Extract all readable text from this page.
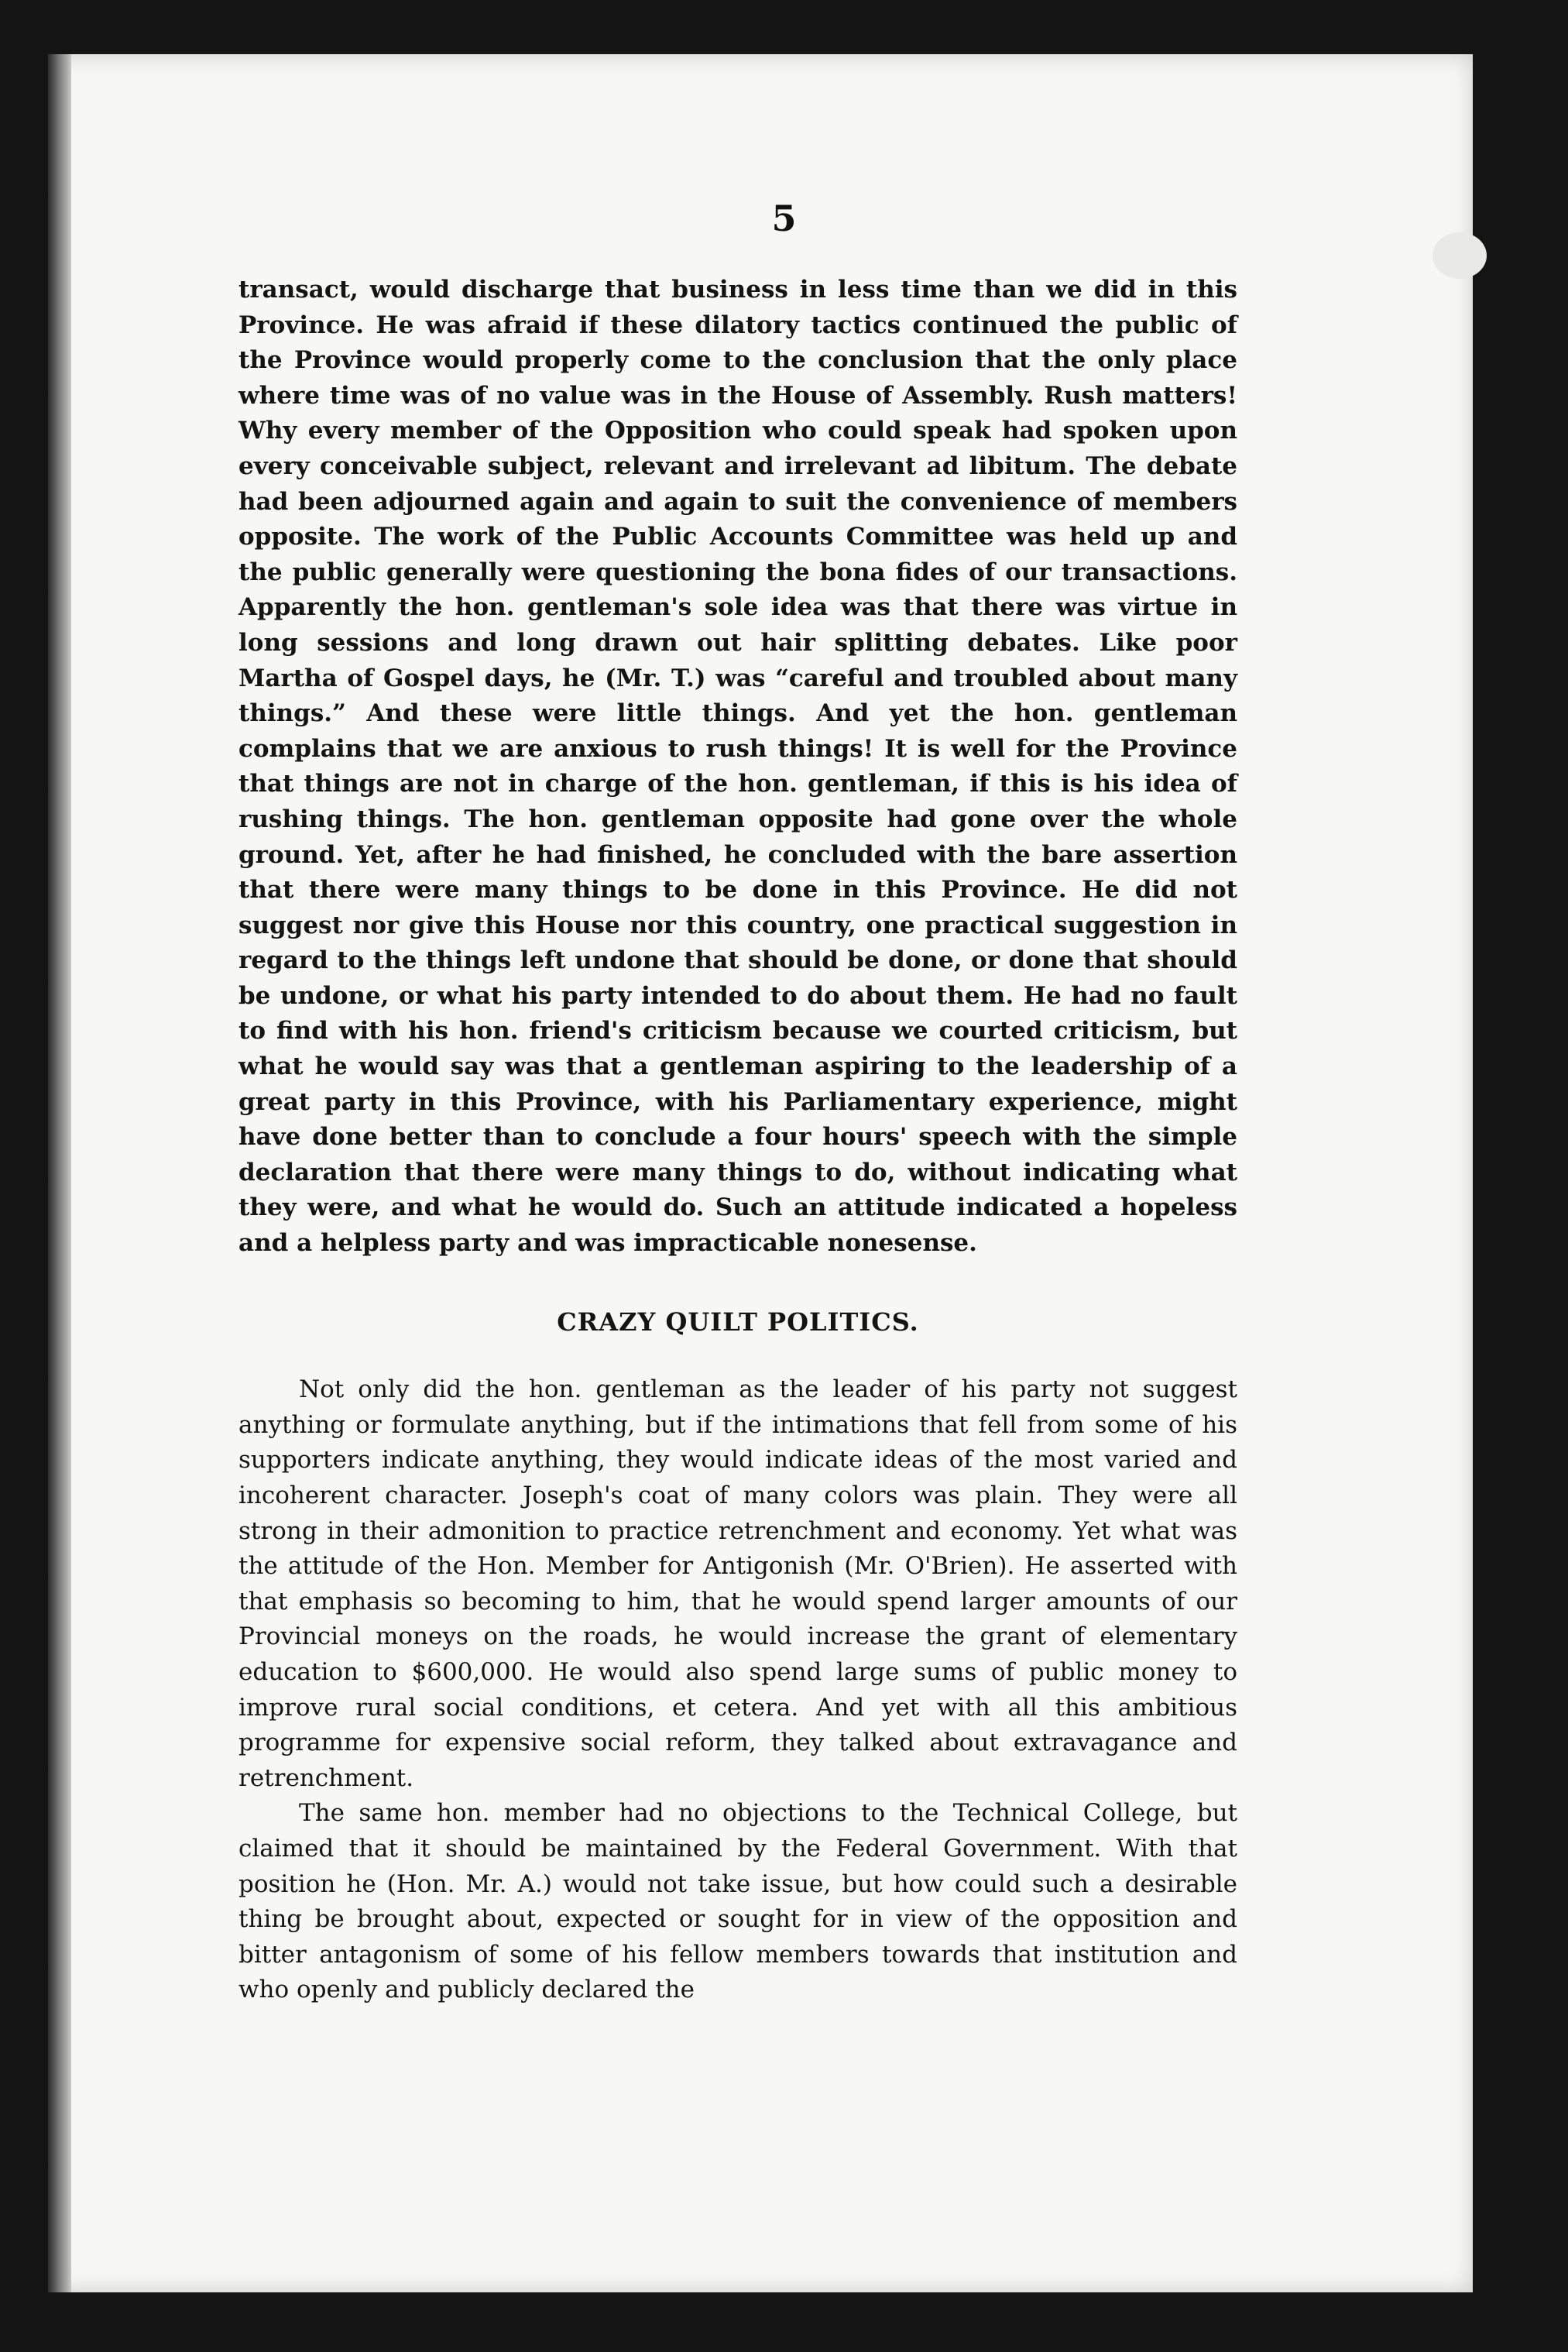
5

transact, would discharge that business in less time than we did in this Province. He was afraid if these dilatory tactics continued the public of the Province would properly come to the conclusion that the only place where time was of no value was in the House of Assembly. Rush matters! Why every member of the Opposition who could speak had spoken upon every conceivable subject, relevant and irrelevant ad libitum. The debate had been adjourned again and again to suit the convenience of members opposite. The work of the Public Accounts Committee was held up and the public generally were questioning the bona fides of our transactions. Apparently the hon. gentleman's sole idea was that there was virtue in long sessions and long drawn out hair splitting debates. Like poor Martha of Gospel days, he (Mr. T.) was “careful and troubled about many things.” And these were little things. And yet the hon. gentleman complains that we are anxious to rush things! It is well for the Province that things are not in charge of the hon. gentleman, if this is his idea of rushing things. The hon. gentleman opposite had gone over the whole ground. Yet, after he had finished, he concluded with the bare assertion that there were many things to be done in this Province. He did not suggest nor give this House nor this country, one practical suggestion in regard to the things left undone that should be done, or done that should be undone, or what his party intended to do about them. He had no fault to find with his hon. friend's criticism because we courted criticism, but what he would say was that a gentleman aspiring to the leadership of a great party in this Province, with his Parliamentary experience, might have done better than to conclude a four hours' speech with the simple declaration that there were many things to do, without indicating what they were, and what he would do. Such an attitude indicated a hopeless and a helpless party and was impracticable nonesense.

CRAZY QUILT POLITICS.

Not only did the hon. gentleman as the leader of his party not suggest anything or formulate anything, but if the intimations that fell from some of his supporters indicate anything, they would indicate ideas of the most varied and incoherent character. Joseph's coat of many colors was plain. They were all strong in their admonition to practice retrenchment and economy. Yet what was the attitude of the Hon. Member for Antigonish (Mr. O'Brien). He asserted with that emphasis so becoming to him, that he would spend larger amounts of our Provincial moneys on the roads, he would increase the grant of elementary education to $600,000. He would also spend large sums of public money to improve rural social conditions, et cetera. And yet with all this ambitious programme for expensive social reform, they talked about extravagance and retrenchment.

The same hon. member had no objections to the Technical College, but claimed that it should be maintained by the Federal Government. With that position he (Hon. Mr. A.) would not take issue, but how could such a desirable thing be brought about, expected or sought for in view of the opposition and bitter antagonism of some of his fellow members towards that institution and who openly and publicly declared the
